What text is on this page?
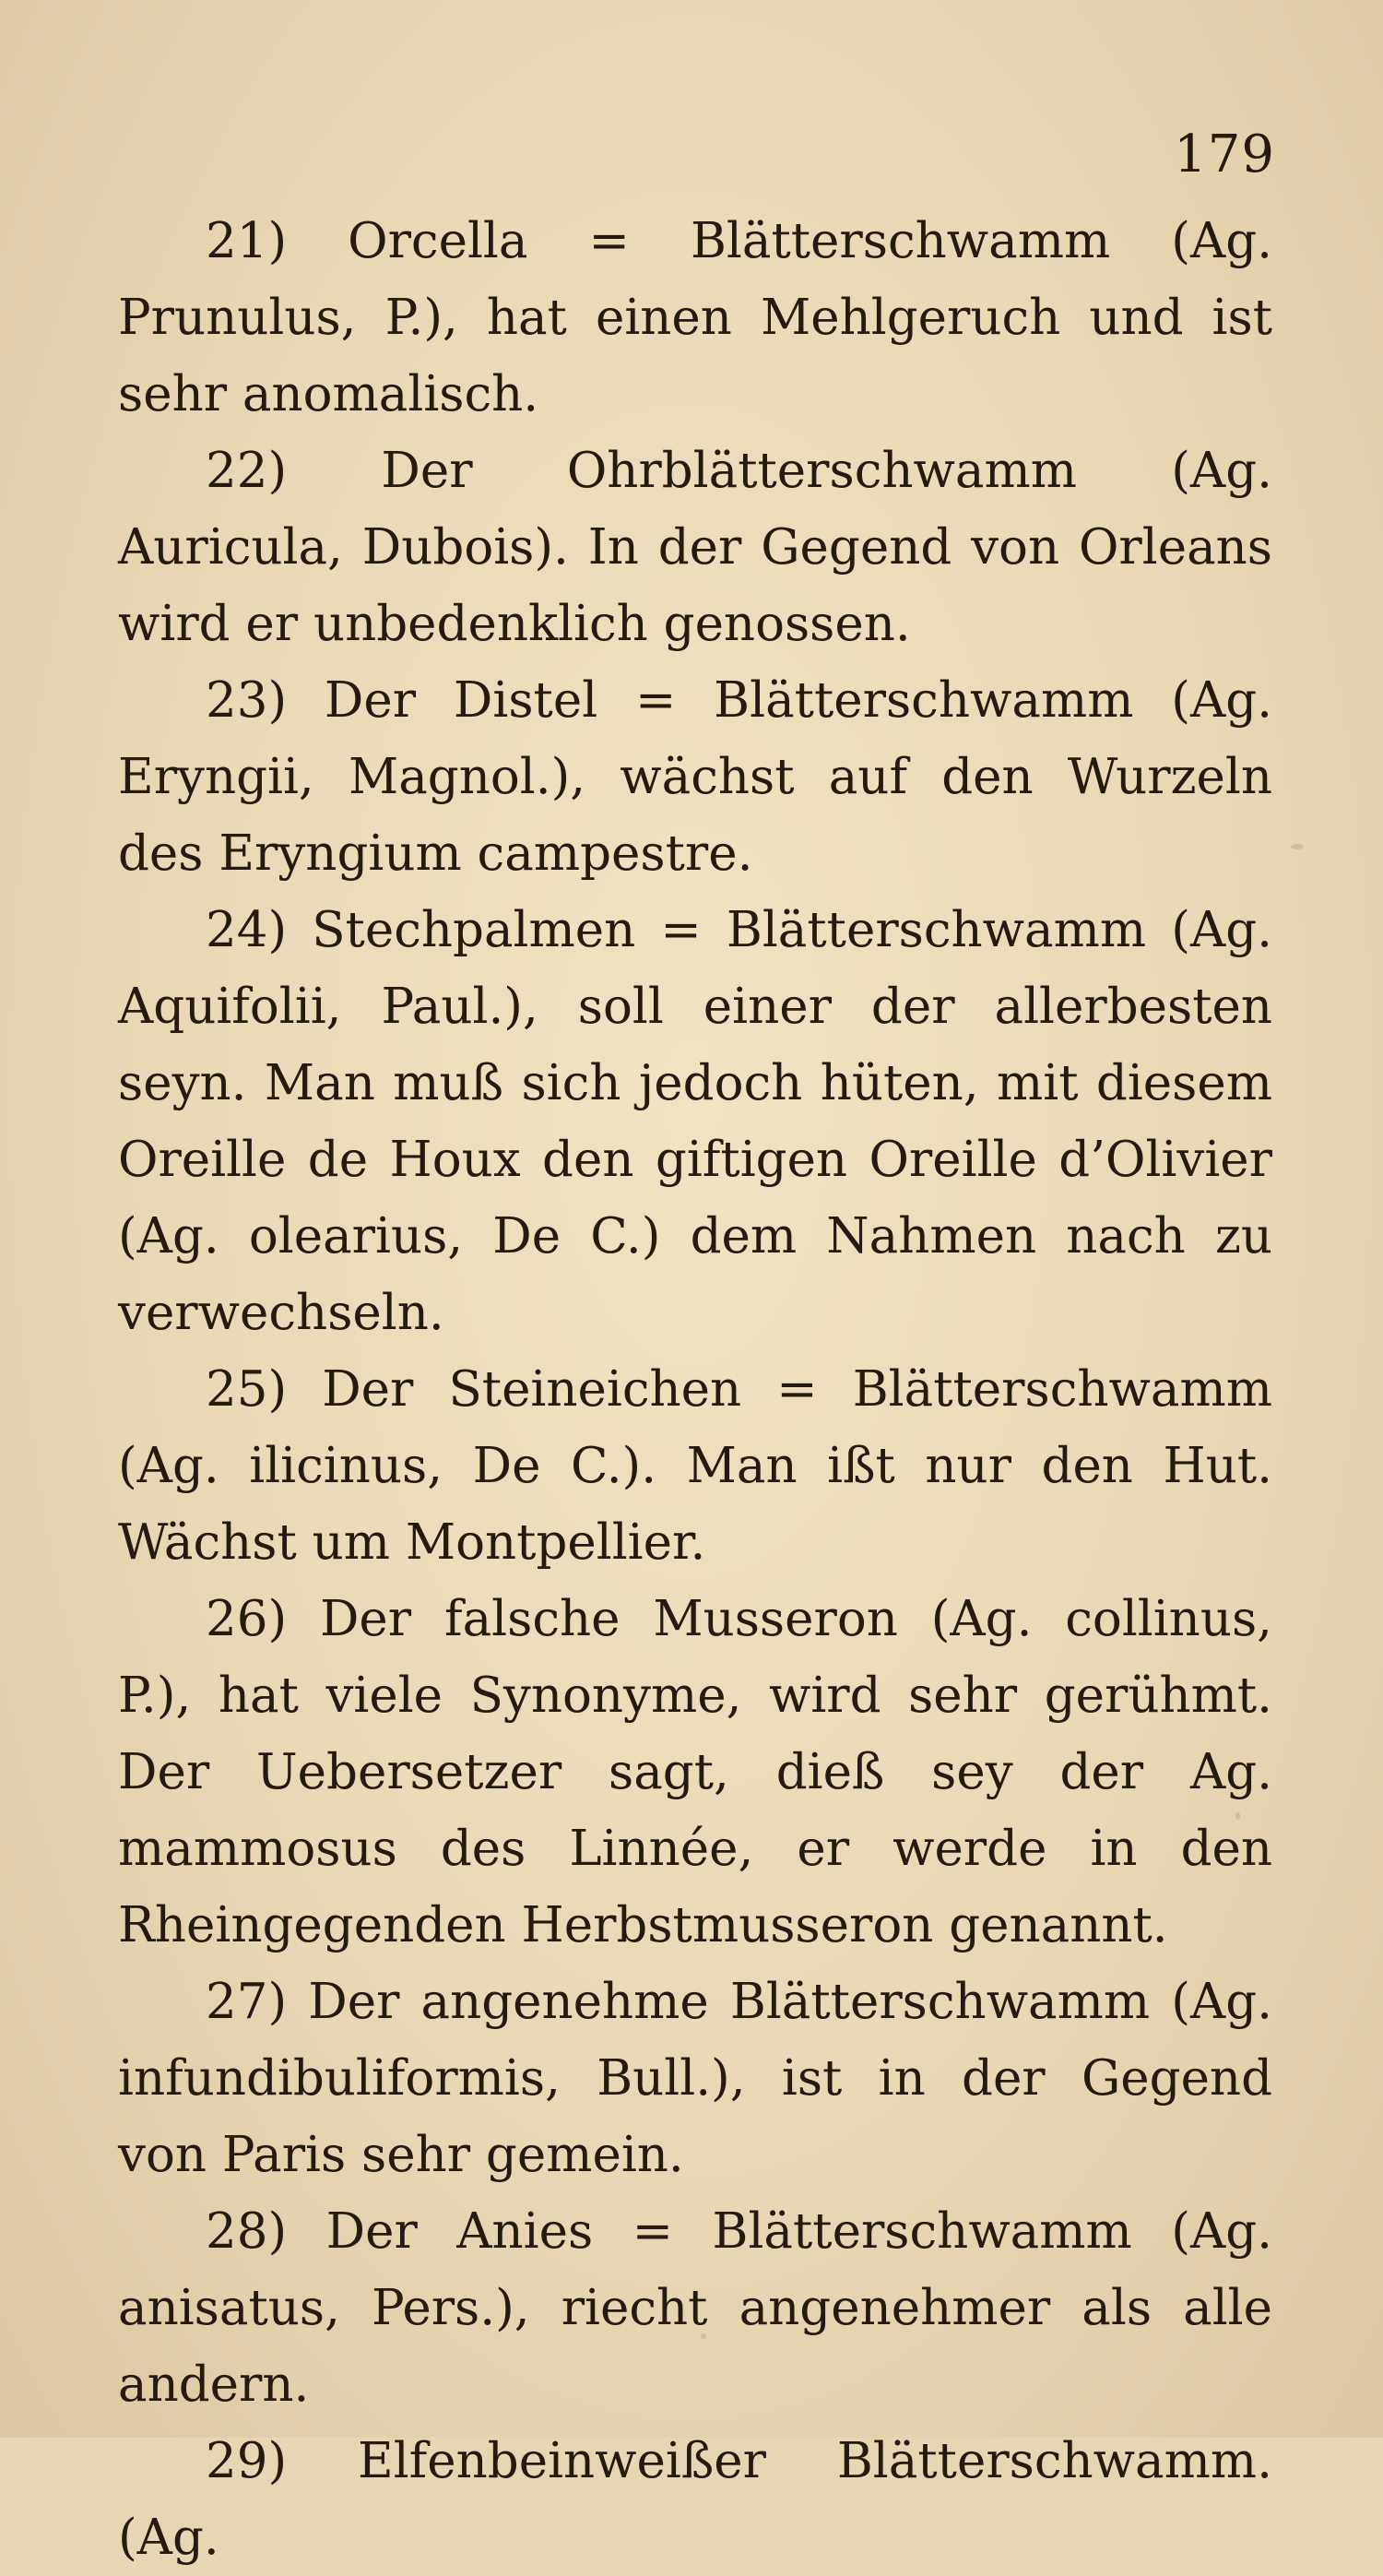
179

21) Orcella = Blätterschwamm (Ag. Prunulus, P.), hat einen Mehlgeruch und ist sehr anomalisch.

22) Der Ohrblätterschwamm (Ag. Auricula, Dubois). In der Gegend von Orleans wird er unbedenklich genossen.

23) Der Distel = Blätterschwamm (Ag. Eryngii, Magnol.), wächst auf den Wurzeln des Eryngium campestre.

24) Stechpalmen = Blätterschwamm (Ag. Aquifolii, Paul.), soll einer der allerbesten seyn. Man muß sich jedoch hüten, mit diesem Oreille de Houx den giftigen Oreille d’Olivier (Ag. olearius, De C.) dem Nahmen nach zu verwechseln.

25) Der Steineichen = Blätterschwamm (Ag. ilicinus, De C.). Man ißt nur den Hut. Wächst um Montpellier.

26) Der falsche Musseron (Ag. collinus, P.), hat viele Synonyme, wird sehr gerühmt. Der Uebersetzer sagt, dieß sey der Ag. mammosus des Linnée, er werde in den Rheingegenden Herbstmusseron genannt.

27) Der angenehme Blätterschwamm (Ag. infundibuliformis, Bull.), ist in der Gegend von Paris sehr gemein.

28) Der Anies = Blätterschwamm (Ag. anisatus, Pers.), riecht angenehmer als alle andern.

29) Elfenbeinweißer Blätterschwamm. (Ag.
